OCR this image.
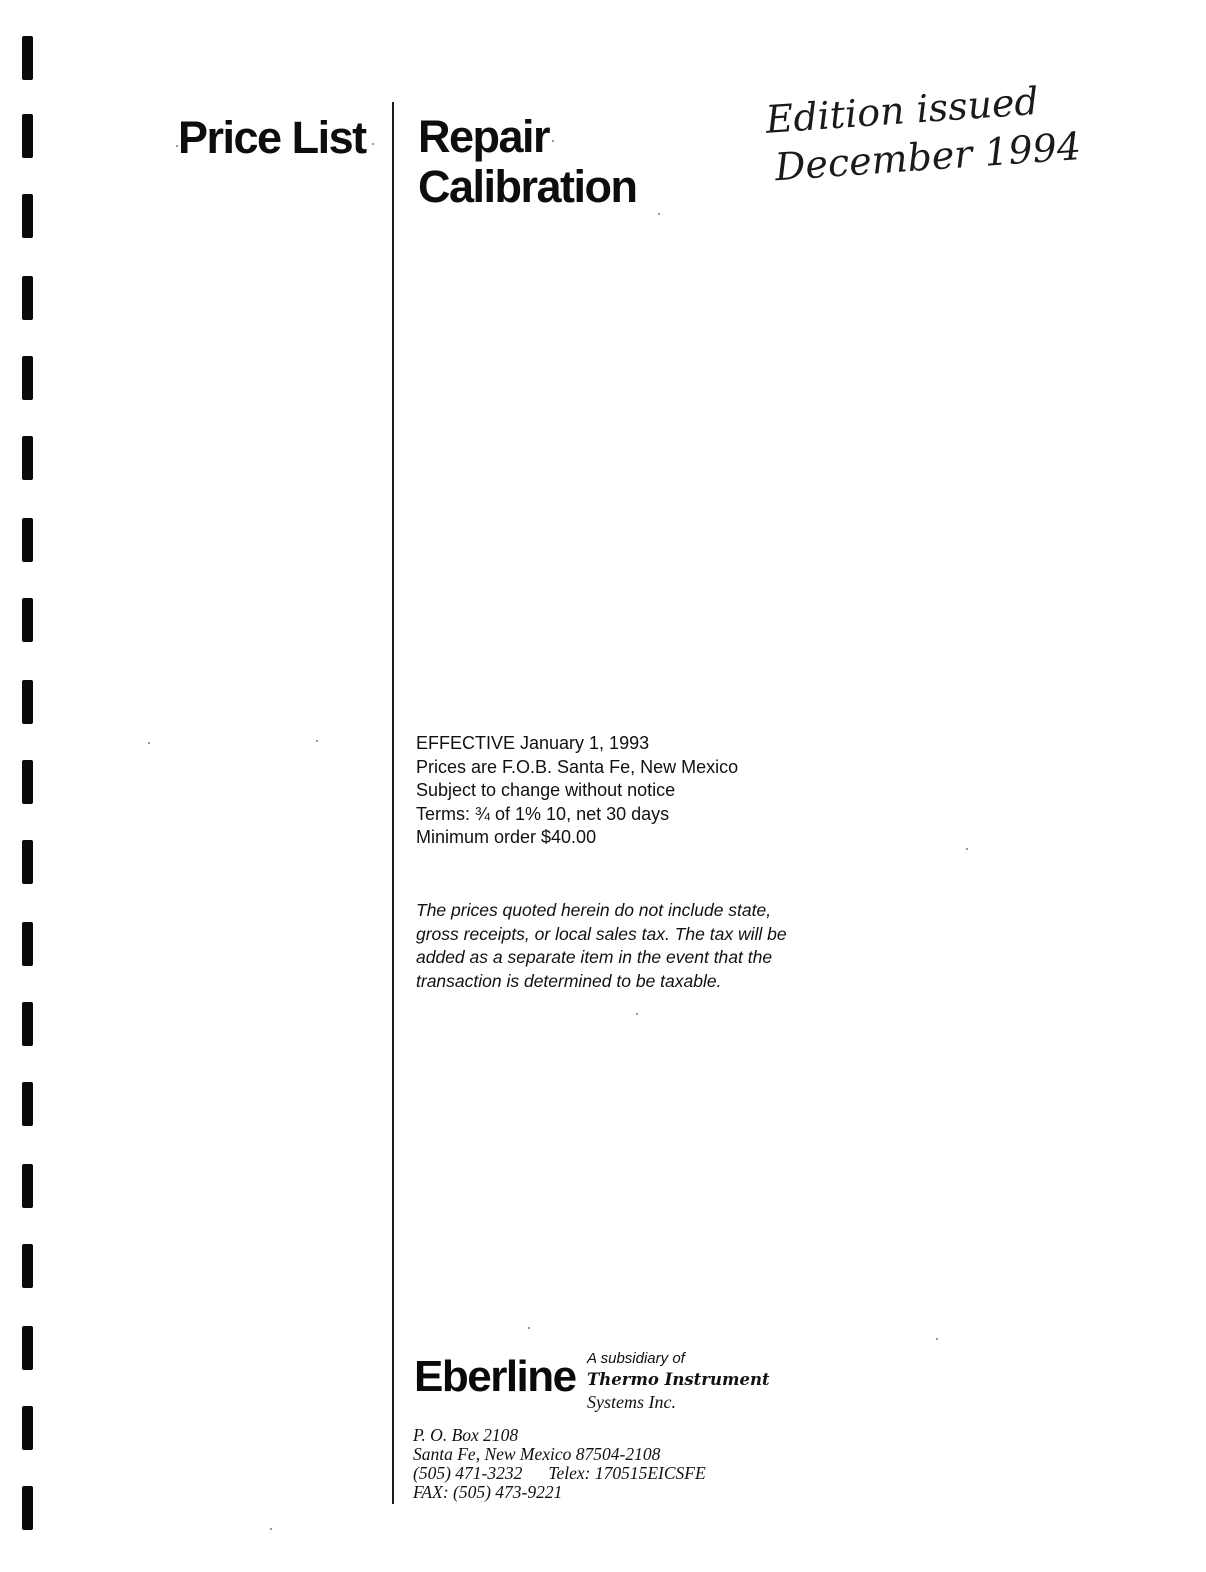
Price List Repair
Calibration
Edition issued
December 1994
EFFECTIVE January 1, 1993
Prices are F.O.B. Santa Fe, New Mexico
Subject to change without notice
Terms: ¾ of 1% 10, net 30 days
Minimum order $40.00
The prices quoted herein do not include state,
gross receipts, or local sales tax. The tax will be
added as a separate item in the event that the
transaction is determined to be taxable.
Eberline A subsidiary of
Thermo Instrument
Systems Inc.
P. O. Box 2108
Santa Fe, New Mexico 87504-2108
(505) 471-3232 Telex: 170515EICSFE
FAX: (505) 473-9221
